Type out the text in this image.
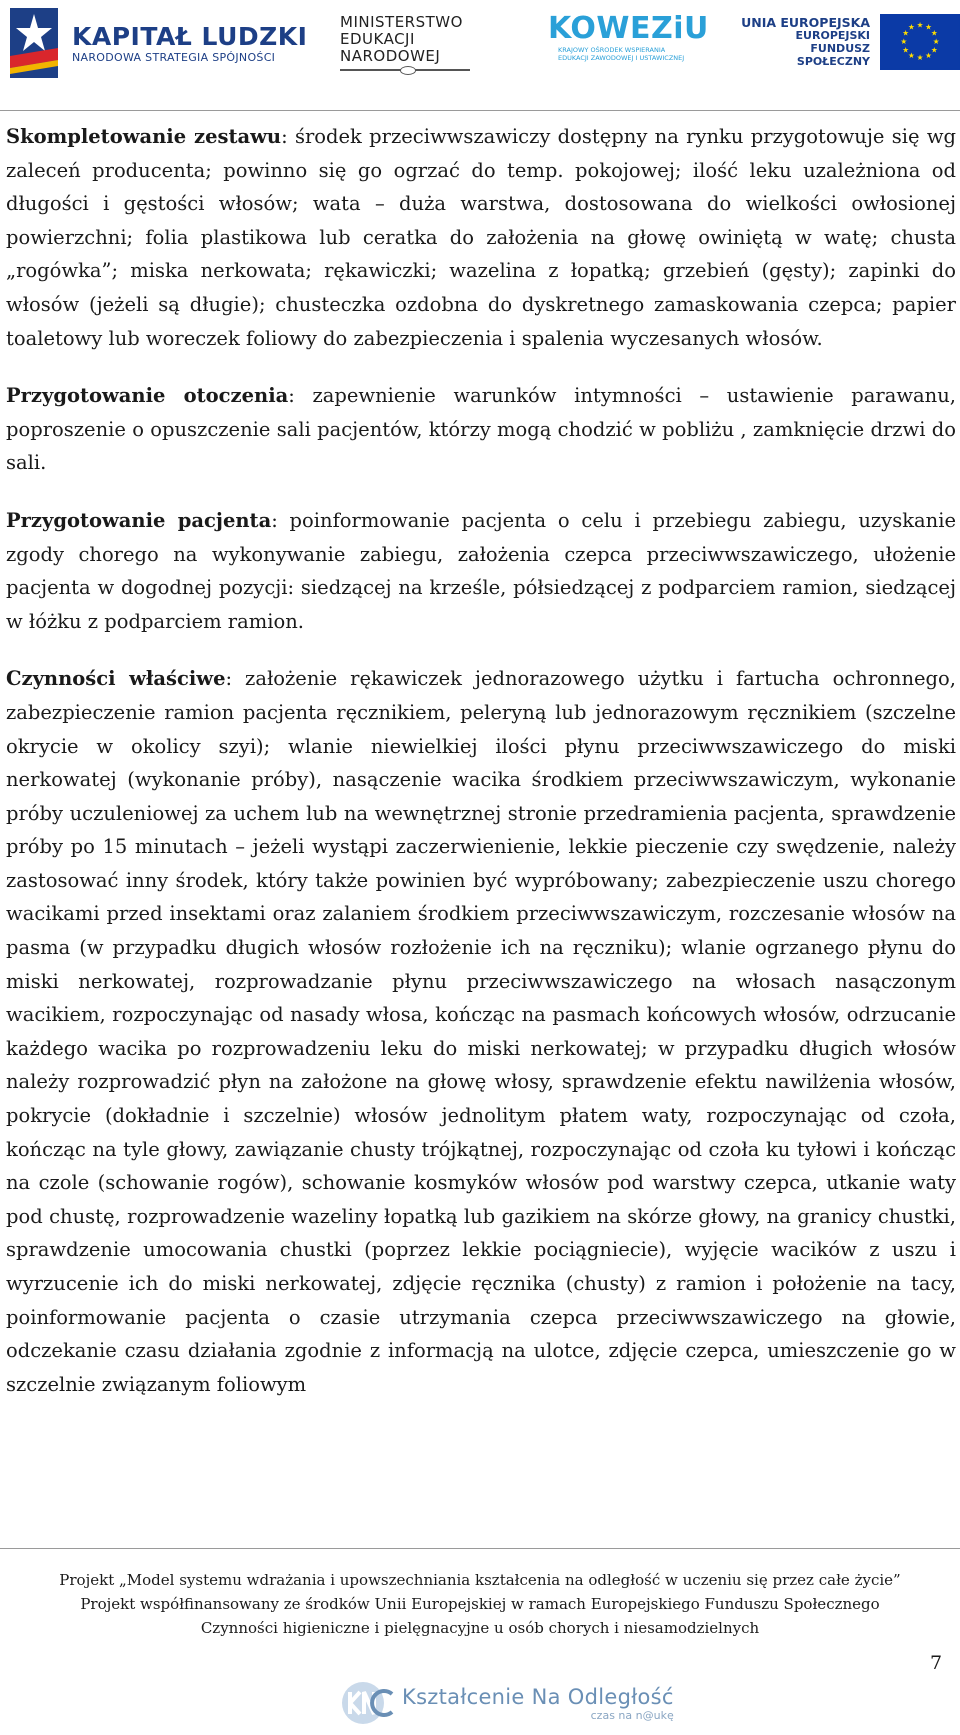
KAPITAŁ LUDZKI
NARODOWA STRATEGIA SPÓJNOŚCI
MINISTERSTWO
EDUKACJI
NARODOWEJ
KOWEZiU
KRAJOWY OŚRODEK WSPIERANIA
EDUKACJI ZAWODOWEJ I USTAWICZNEJ
UNIA EUROPEJSKA
EUROPEJSKI
FUNDUSZ SPOŁECZNY
★ ★
★
★
★
★
★
★
★
★
★
★

Skompletowanie zestawu: środek przeciwwszawiczy dostępny na rynku przygotowuje się wg zaleceń producenta; powinno się go ogrzać do temp. pokojowej; ilość leku uzależniona od długości i gęstości włosów; wata – duża warstwa, dostosowana do wielkości owłosionej powierzchni; folia plastikowa lub ceratka do założenia na głowę owiniętą w watę; chusta „rogówka”; miska nerkowata; rękawiczki; wazelina z łopatką; grzebień (gęsty); zapinki do włosów (jeżeli są długie); chusteczka ozdobna do dyskretnego zamaskowania czepca; papier toaletowy lub woreczek foliowy do zabezpieczenia i spalenia wyczesanych włosów.

Przygotowanie otoczenia: zapewnienie warunków intymności – ustawienie parawanu, poproszenie o opuszczenie sali pacjentów, którzy mogą chodzić w pobliżu , zamknięcie drzwi do sali.

Przygotowanie pacjenta: poinformowanie pacjenta o celu i przebiegu zabiegu, uzyskanie zgody chorego na wykonywanie zabiegu, założenia czepca przeciwwszawiczego, ułożenie pacjenta w dogodnej pozycji: siedzącej na krześle, półsiedzącej z podparciem ramion, siedzącej w łóżku z podparciem ramion.

Czynności właściwe: założenie rękawiczek jednorazowego użytku i fartucha ochronnego, zabezpieczenie ramion pacjenta ręcznikiem, peleryną lub jednorazowym ręcznikiem (szczelne okrycie w okolicy szyi); wlanie niewielkiej ilości płynu przeciwwszawiczego do miski nerkowatej (wykonanie próby), nasączenie wacika środkiem przeciwwszawiczym, wykonanie próby uczuleniowej za uchem lub na wewnętrznej stronie przedramienia pacjenta, sprawdzenie próby po 15 minutach – jeżeli wystąpi zaczerwienienie, lekkie pieczenie czy swędzenie, należy zastosować inny środek, który także powinien być wypróbowany; zabezpieczenie uszu chorego wacikami przed insektami oraz zalaniem środkiem przeciwwszawiczym, rozczesanie włosów na pasma (w przypadku długich włosów rozłożenie ich na ręczniku); wlanie ogrzanego płynu do miski nerkowatej, rozprowadzanie płynu przeciwwszawiczego na włosach nasączonym wacikiem, rozpoczynając od nasady włosa, kończąc na pasmach końcowych włosów, odrzucanie każdego wacika po rozprowadzeniu leku do miski nerkowatej; w przypadku długich włosów należy rozprowadzić płyn na założone na głowę włosy, sprawdzenie efektu nawilżenia włosów, pokrycie (dokładnie i szczelnie) włosów jednolitym płatem waty, rozpoczynając od czoła, kończąc na tyle głowy, zawiązanie chusty trójkątnej, rozpoczynając od czoła ku tyłowi i kończąc na czole (schowanie rogów), schowanie kosmyków włosów pod warstwy czepca, utkanie waty pod chustę, rozprowadzenie wazeliny łopatką lub gazikiem na skórze głowy, na granicy chustki, sprawdzenie umocowania chustki (poprzez lekkie pociągniecie), wyjęcie wacików z uszu i wyrzucenie ich do miski nerkowatej, zdjęcie ręcznika (chusty) z ramion i położenie na tacy, poinformowanie pacjenta o czasie utrzymania czepca przeciwwszawiczego na głowie, odczekanie czasu działania zgodnie z informacją na ulotce, zdjęcie czepca, umieszczenie go w szczelnie związanym foliowym

Projekt „Model systemu wdrażania i upowszechniania kształcenia na odległość w uczeniu się przez całe życie”
Projekt współfinansowany ze środków Unii Europejskiej w ramach Europejskiego Funduszu Społecznego
Czynności higieniczne i pielęgnacyjne u osób chorych i niesamodzielnych
7
Kształcenie Na Odległość
czas na n@ukę
